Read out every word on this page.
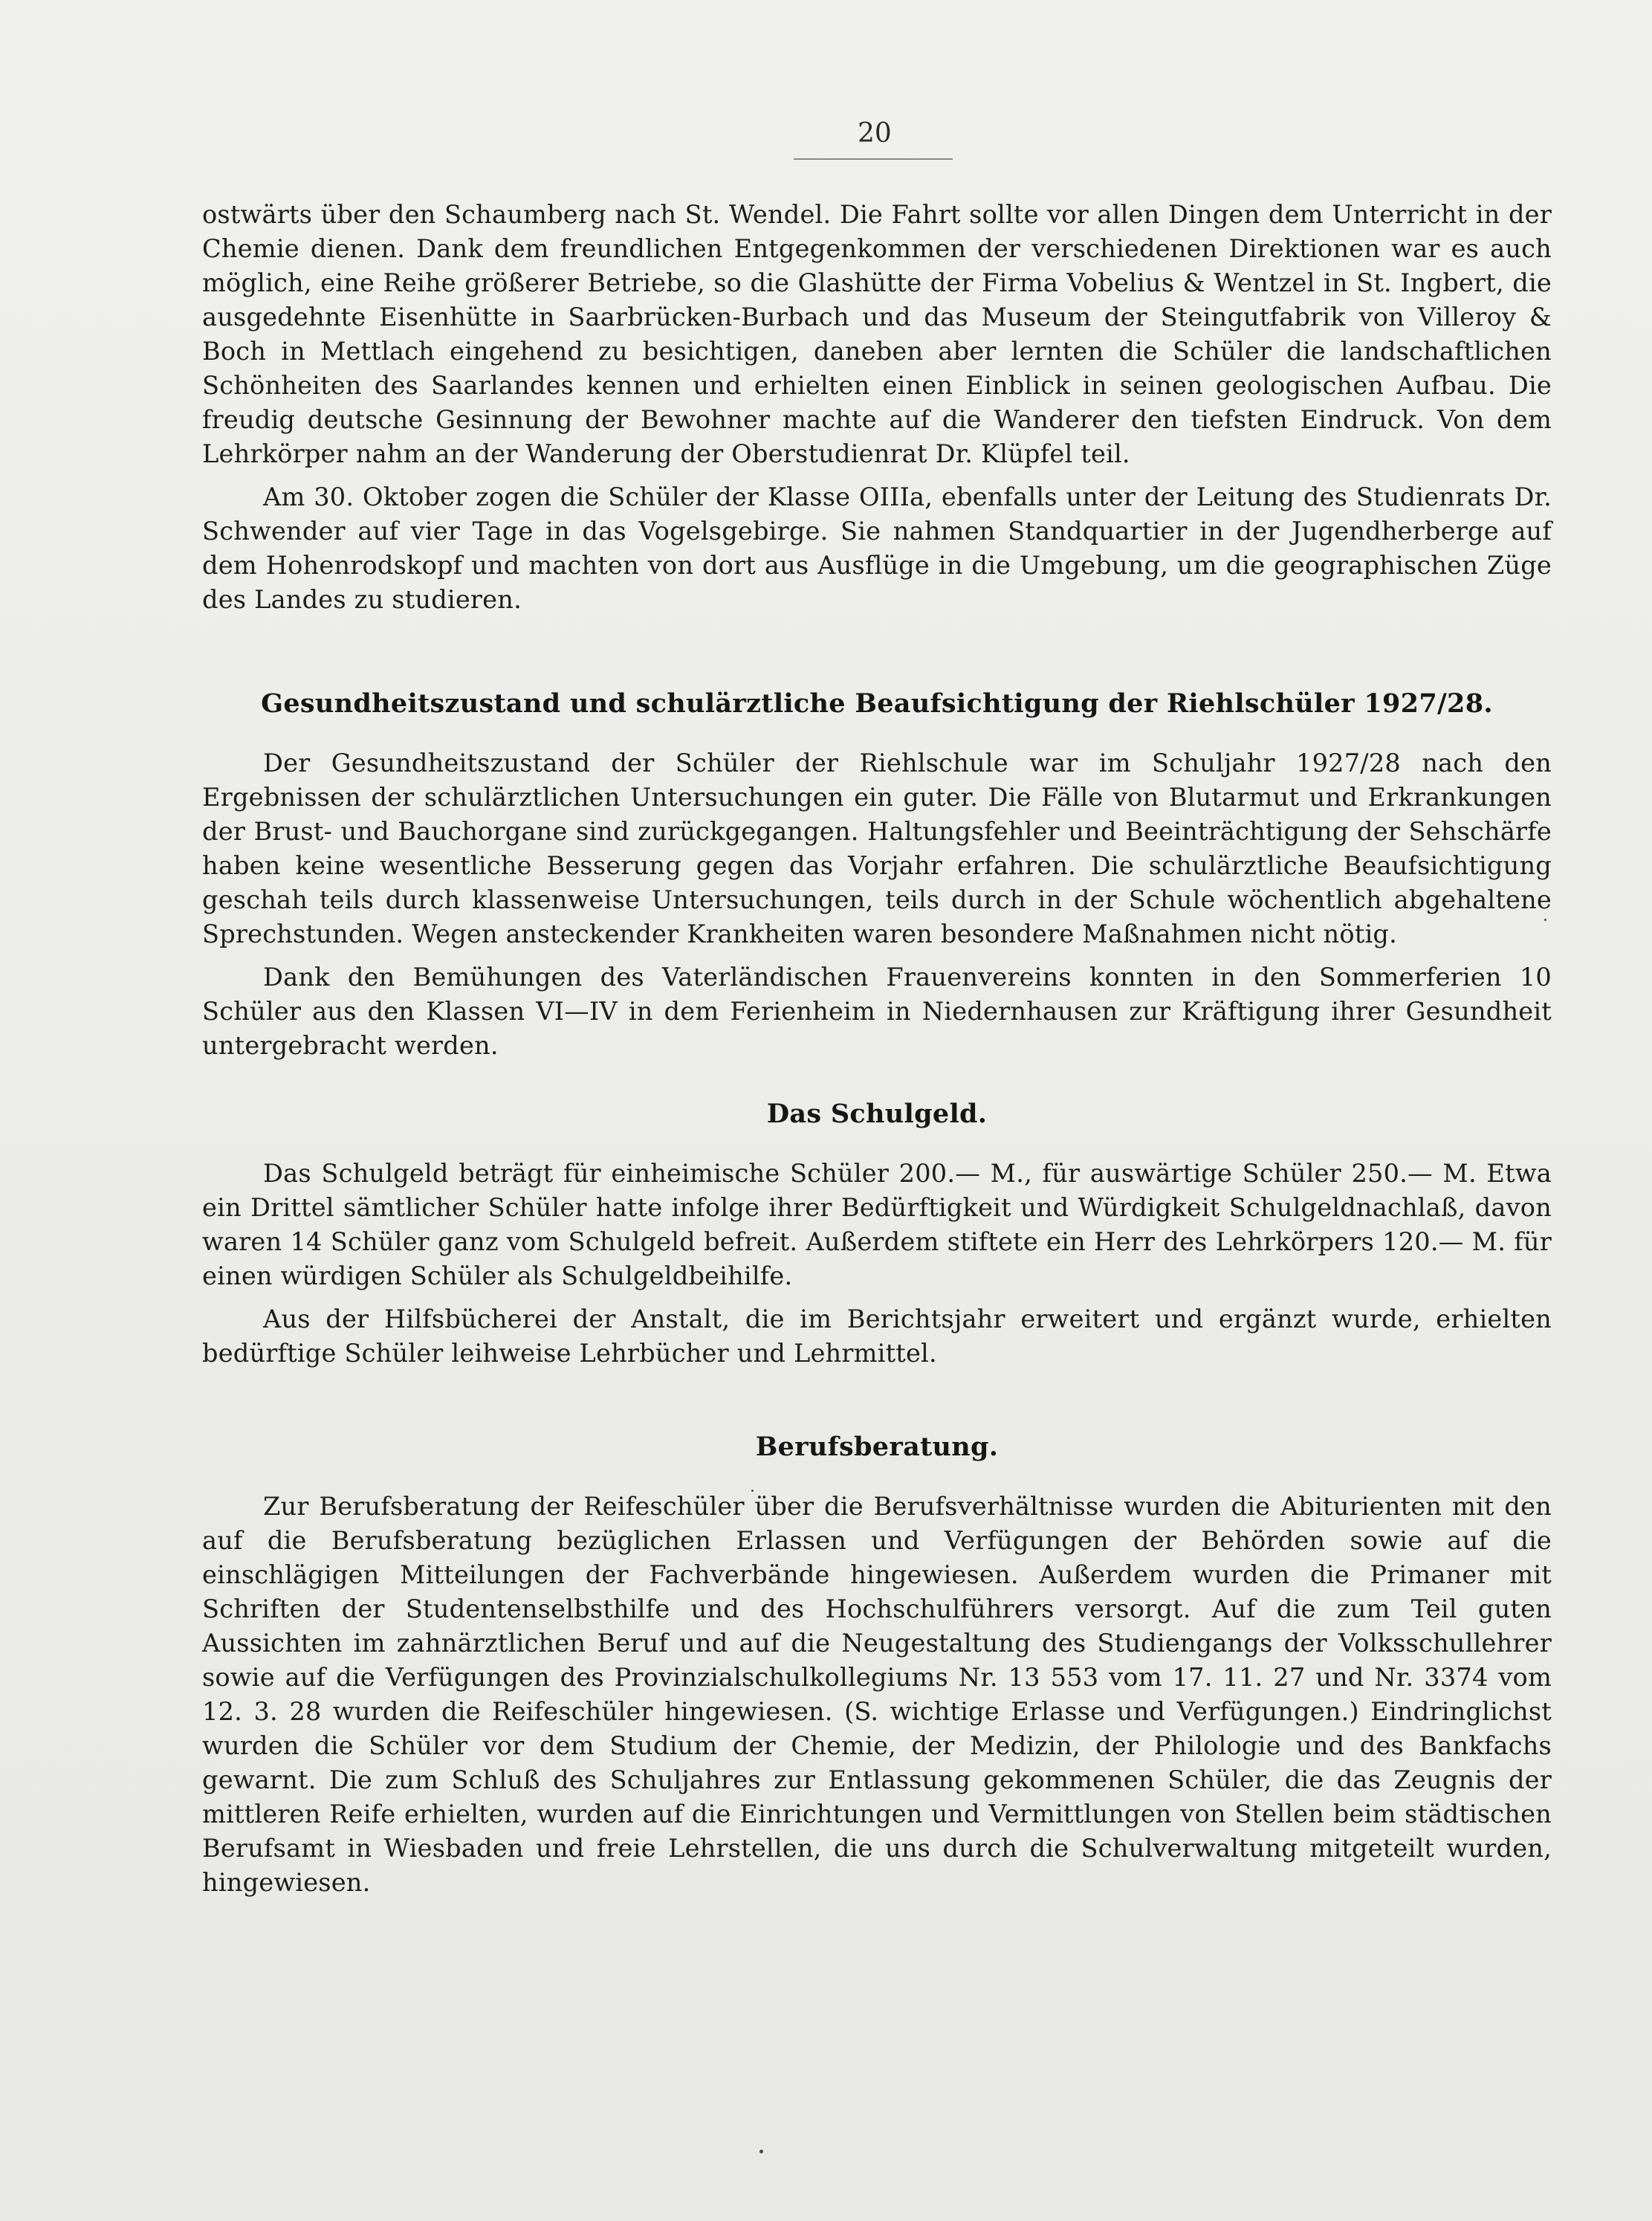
20

ostwärts über den Schaumberg nach St. Wendel. Die Fahrt sollte vor allen Dingen dem Unterricht in der Chemie dienen. Dank dem freundlichen Entgegenkommen der verschiedenen Direktionen war es auch möglich, eine Reihe größerer Betriebe, so die Glashütte der Firma Vobelius & Wentzel in St. Ingbert, die ausgedehnte Eisenhütte in Saarbrücken-Burbach und das Museum der Steingutfabrik von Villeroy & Boch in Mettlach eingehend zu besichtigen, daneben aber lernten die Schüler die landschaftlichen Schönheiten des Saarlandes kennen und erhielten einen Einblick in seinen geologischen Aufbau. Die freudig deutsche Gesinnung der Bewohner machte auf die Wanderer den tiefsten Eindruck. Von dem Lehrkörper nahm an der Wanderung der Oberstudienrat Dr. Klüpfel teil.

Am 30. Oktober zogen die Schüler der Klasse OIIIa, ebenfalls unter der Leitung des Studienrats Dr. Schwender auf vier Tage in das Vogelsgebirge. Sie nahmen Standquartier in der Jugendherberge auf dem Hohenrodskopf und machten von dort aus Ausflüge in die Umgebung, um die geographischen Züge des Landes zu studieren.

Gesundheitszustand und schulärztliche Beaufsichtigung der Riehlschüler 1927/28.

Der Gesundheitszustand der Schüler der Riehlschule war im Schuljahr 1927/28 nach den Ergebnissen der schulärztlichen Untersuchungen ein guter. Die Fälle von Blutarmut und Erkrankungen der Brust- und Bauchorgane sind zurückgegangen. Haltungsfehler und Beeinträchtigung der Sehschärfe haben keine wesentliche Besserung gegen das Vorjahr erfahren. Die schulärztliche Beaufsichtigung geschah teils durch klassenweise Untersuchungen, teils durch in der Schule wöchentlich abgehaltene Sprechstunden. Wegen ansteckender Krankheiten waren besondere Maßnahmen nicht nötig.

Dank den Bemühungen des Vaterländischen Frauenvereins konnten in den Sommerferien 10 Schüler aus den Klassen VI—IV in dem Ferienheim in Niedernhausen zur Kräftigung ihrer Gesundheit untergebracht werden.

Das Schulgeld.

Das Schulgeld beträgt für einheimische Schüler 200.— M., für auswärtige Schüler 250.— M. Etwa ein Drittel sämtlicher Schüler hatte infolge ihrer Bedürftigkeit und Würdigkeit Schulgeldnachlaß, davon waren 14 Schüler ganz vom Schulgeld befreit. Außerdem stiftete ein Herr des Lehrkörpers 120.— M. für einen würdigen Schüler als Schulgeldbeihilfe.

Aus der Hilfsbücherei der Anstalt, die im Berichtsjahr erweitert und ergänzt wurde, erhielten bedürftige Schüler leihweise Lehrbücher und Lehrmittel.

Berufsberatung.

Zur Berufsberatung der Reifeschüler über die Berufsverhältnisse wurden die Abiturienten mit den auf die Berufsberatung bezüglichen Erlassen und Verfügungen der Behörden sowie auf die einschlägigen Mitteilungen der Fachverbände hingewiesen. Außerdem wurden die Primaner mit Schriften der Studentenselbsthilfe und des Hochschulführers versorgt. Auf die zum Teil guten Aussichten im zahnärztlichen Beruf und auf die Neugestaltung des Studiengangs der Volksschullehrer sowie auf die Verfügungen des Provinzialschulkollegiums Nr. 13 553 vom 17. 11. 27 und Nr. 3374 vom 12. 3. 28 wurden die Reifeschüler hingewiesen. (S. wichtige Erlasse und Verfügungen.) Eindringlichst wurden die Schüler vor dem Studium der Chemie, der Medizin, der Philologie und des Bankfachs gewarnt. Die zum Schluß des Schuljahres zur Entlassung gekommenen Schüler, die das Zeugnis der mittleren Reife erhielten, wurden auf die Einrichtungen und Vermittlungen von Stellen beim städtischen Berufsamt in Wiesbaden und freie Lehrstellen, die uns durch die Schulverwaltung mitgeteilt wurden, hingewiesen.
